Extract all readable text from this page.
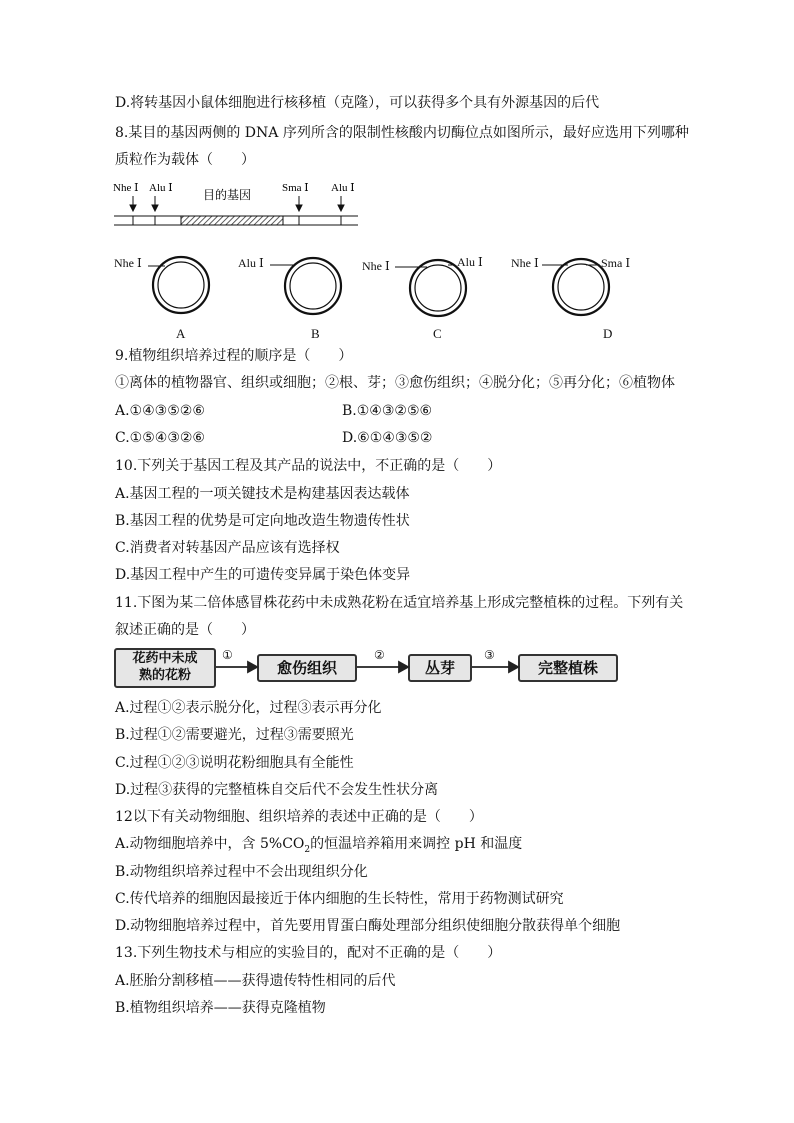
D.将转基因小鼠体细胞进行核移植（克隆），可以获得多个具有外源基因的后代
8.某目的基因两侧的 DNA 序列所含的限制性核酸内切酶位点如图所示，最好应选用下列哪种
质粒作为载体（　　）
Nhe Ⅰ Alu Ⅰ	目的基因	Sma Ⅰ Alu Ⅰ
Nhe Ⅰ	Alu Ⅰ	Nhe Ⅰ	Alu Ⅰ Nhe Ⅰ	Sma Ⅰ
A	B	C	D
9.植物组织培养过程的顺序是（　　）
①离体的植物器官、组织或细胞；②根、芽；③愈伤组织；④脱分化；⑤再分化；⑥植物体
A.①④③⑤②⑥	B.①④③②⑤⑥
C.①⑤④③②⑥	D.⑥①④③⑤②
10.下列关于基因工程及其产品的说法中，不正确的是（　　）
A.基因工程的一项关键技术是构建基因表达载体
B.基因工程的优势是可定向地改造生物遗传性状
C.消费者对转基因产品应该有选择权
D.基因工程中产生的可遗传变异属于染色体变异
11.下图为某二倍体感冒株花药中未成熟花粉在适宜培养基上形成完整植株的过程。下列有关
叙述正确的是（　　）
花药中未成
熟的花粉	愈伤组织	丛芽	完整植株
①	②	③
A.过程①②表示脱分化，过程③表示再分化
B.过程①②需要避光，过程③需要照光
C.过程①②③说明花粉细胞具有全能性
D.过程③获得的完整植株自交后代不会发生性状分离
12以下有关动物细胞、组织培养的表述中正确的是（　　）
A.动物细胞培养中，含 $5\%CO_2$的恒温培养箱用来调控 pH 和温度
B.动物组织培养过程中不会出现组织分化
C.传代培养的细胞因最接近于体内细胞的生长特性，常用于药物测试研究
D.动物细胞培养过程中，首先要用胃蛋白酶处理部分组织使细胞分散获得单个细胞
13.下列生物技术与相应的实验目的，配对不正确的是（　　）
A.胚胎分割移植——获得遗传特性相同的后代
B.植物组织培养——获得克隆植物
